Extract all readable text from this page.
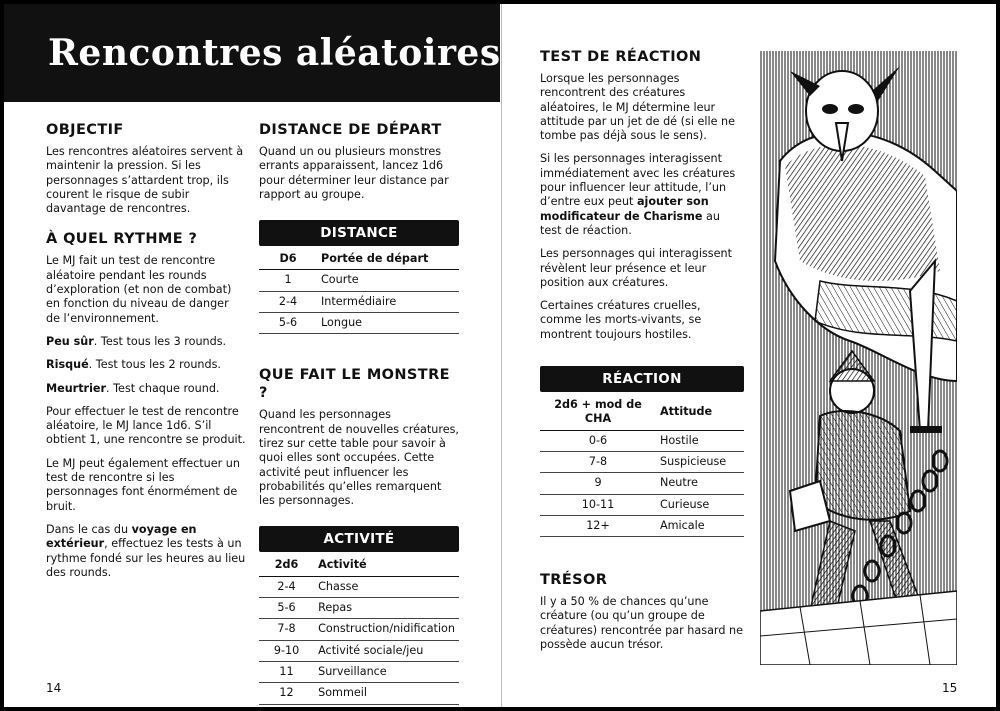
Rencontres aléatoires
OBJECTIF

Les rencontres aléatoires servent à maintenir la pression. Si les personnages s’attardent trop, ils courent le risque de subir davantage de rencontres.

À QUEL RYTHME ?

Le MJ fait un test de rencontre aléatoire pendant les rounds d’exploration (et non de combat) en fonction du niveau de danger de l’environnement.

Peu sûr. Test tous les 3 rounds.

Risqué. Test tous les 2 rounds.

Meurtrier. Test chaque round.

Pour effectuer le test de rencontre aléatoire, le MJ lance 1d6. S’il obtient 1, une rencontre se produit.

Le MJ peut également effectuer un test de rencontre si les personnages font énormément de bruit.

Dans le cas du voyage en extérieur, effectuez les tests à un rythme fondé sur les heures au lieu des rounds.

DISTANCE DE DÉPART

Quand un ou plusieurs monstres errants apparaissent, lancez 1d6 pour déterminer leur distance par rapport au groupe.

DISTANCE
D6	Portée de départ
1	Courte
2-4	Intermédiaire
5-6	Longue
QUE FAIT LE MONSTRE ?

Quand les personnages rencontrent de nouvelles créatures, tirez sur cette table pour savoir à quoi elles sont occupées. Cette activité peut influencer les probabilités qu’elles remarquent les personnages.

ACTIVITÉ
2d6	Activité
2-4	Chasse
5-6	Repas
7-8	Construction/nidification
9-10	Activité sociale/jeu
11	Surveillance
12	Sommeil
TEST DE RÉACTION

Lorsque les personnages rencontrent des créatures aléatoires, le MJ détermine leur attitude par un jet de dé (si elle ne tombe pas déjà sous le sens).

Si les personnages interagissent immédiatement avec les créatures pour influencer leur attitude, l’un d’entre eux peut ajouter son modificateur de Charisme au test de réaction.

Les personnages qui interagissent révèlent leur présence et leur position aux créatures.

Certaines créatures cruelles, comme les morts-vivants, se montrent toujours hostiles.

RÉACTION
2d6 + mod de CHA	Attitude
0-6	Hostile
7-8	Suspicieuse
9	Neutre
10-11	Curieuse
12+	Amicale
TRÉSOR

Il y a 50 % de chances qu’une créature (ou qu’un groupe de créatures) rencontrée par hasard ne possède aucun trésor.

14	15
